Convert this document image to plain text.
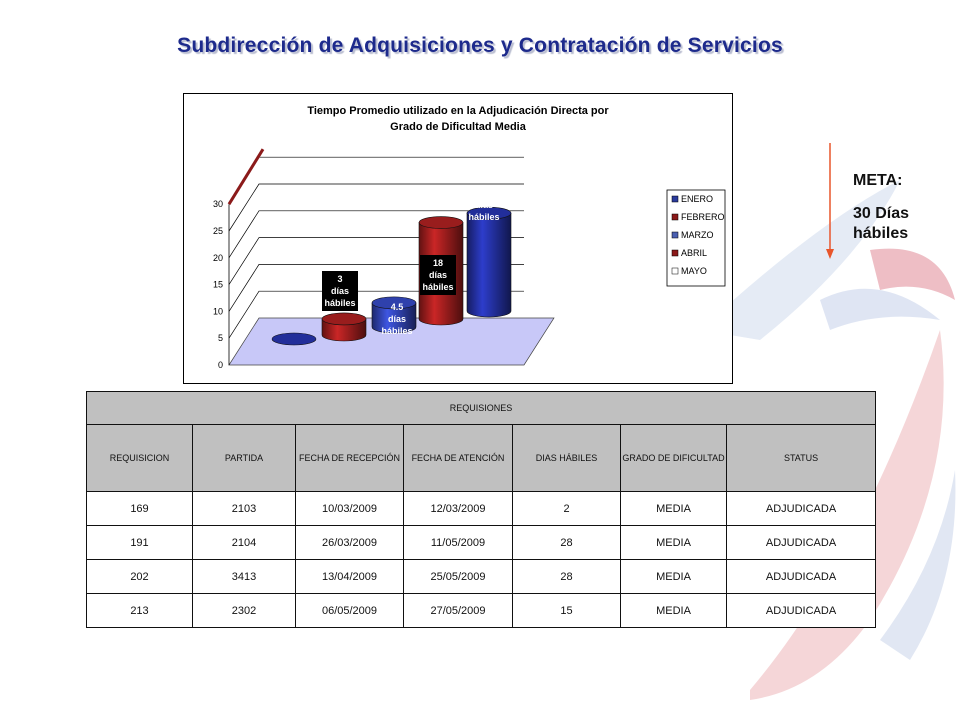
Subdirección de Adquisiciones y Contratación de Servicios
Tiempo Promedio utilizado en la Adjudicación Directa por
Grado de Dificultad Media
0
5
10
15
20
25
30
3
días
hábiles	4.5
días
hábiles
18
días
hábiles
18.25
días
hábiles
ENERO
FEBRERO
MARZO
ABRIL
MAYO
META:
30 Días hábiles
REQUISIONES						
REQUISICION	PARTIDA	FECHA DE RECEPCIÓN	FECHA DE ATENCIÓN	DIAS HÁBILES	GRADO DE DIFICULTAD	STATUS
169	2103	10/03/2009	12/03/2009	2	MEDIA	ADJUDICADA
191	2104	26/03/2009	11/05/2009	28	MEDIA	ADJUDICADA
202	3413	13/04/2009	25/05/2009	28	MEDIA	ADJUDICADA
213	2302	06/05/2009	27/05/2009	15	MEDIA	ADJUDICADA
